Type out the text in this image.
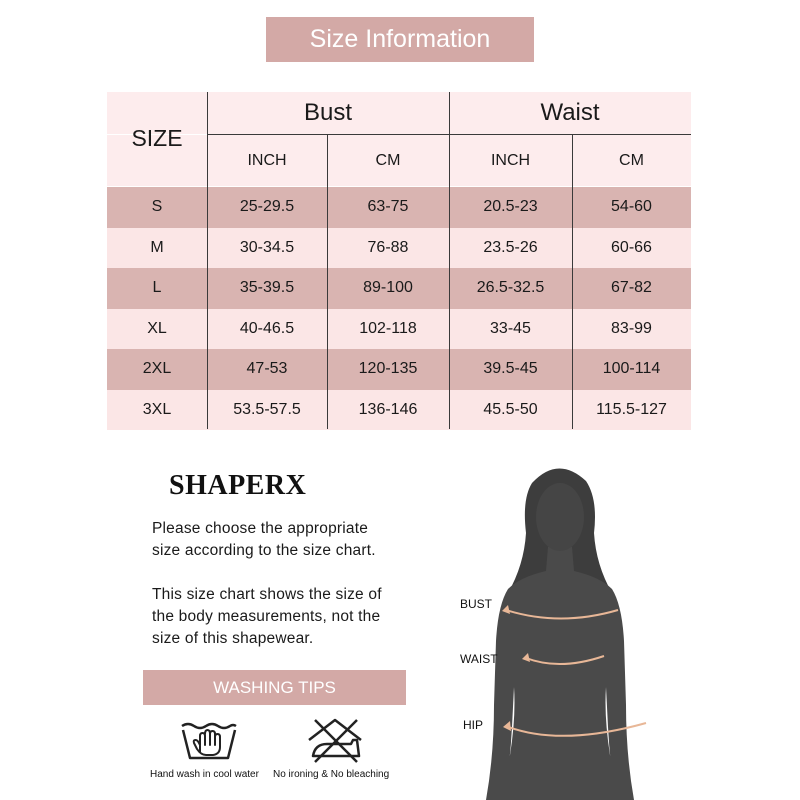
Size Information
Bust	Waist
SIZE
INCH	CM	INCH	CM
S	25-29.5	63-75	20.5-23	54-60
M	30-34.5	76-88	23.5-26	60-66
L	35-39.5	89-100	26.5-32.5	67-82
XL	40-46.5	102-118	33-45	83-99
2XL	47-53	120-135	39.5-45	100-114
3XL	53.5-57.5	136-146	45.5-50	115.5-127
SHAPERX
Please choose the appropriate
size according to the size chart.
This size chart shows the size of
the body measurements, not the
size of this shapewear.
WASHING TIPS
Hand wash in cool water No ironing & No bleaching
BUST
WAIST
HIP
